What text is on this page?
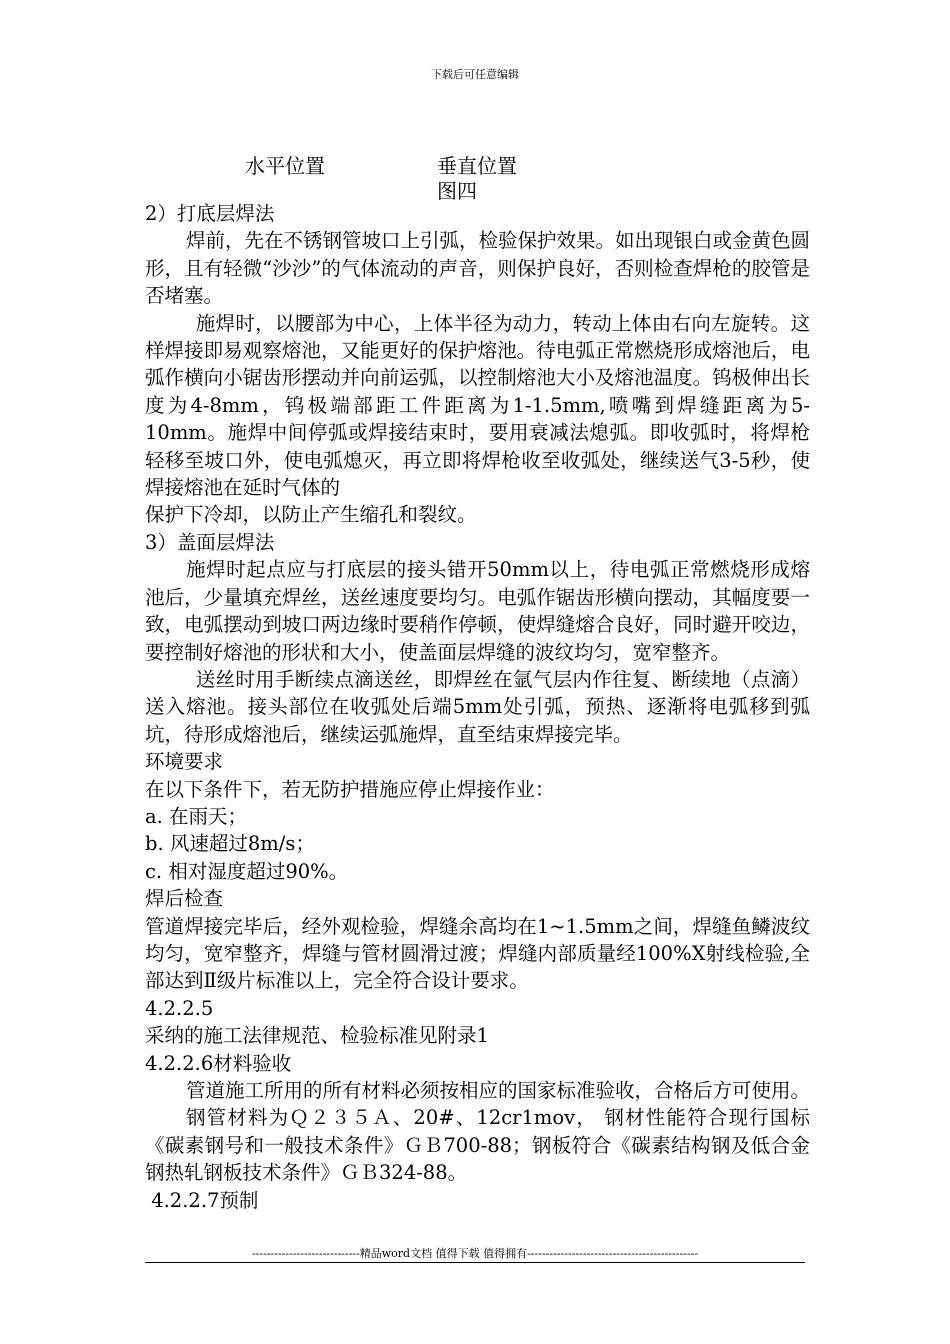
下载后可任意编辑
水平位置	垂直位置
图四

2）打底层焊法

焊前，先在不锈钢管坡口上引弧，检验保护效果。如出现银白或金黄色圆形，且有轻微“沙沙”的气体流动的声音，则保护良好，否则检查焊枪的胶管是否堵塞。

施焊时，以腰部为中心，上体半径为动力，转动上体由右向左旋转。这样焊接即易观察熔池，又能更好的保护熔池。待电弧正常燃烧形成熔池后，电弧作横向小锯齿形摆动并向前运弧，以控制熔池大小及熔池温度。钨极伸出长度为4-8mm，钨极端部距工件距离为1-1.5mm,喷嘴到焊缝距离为5-10mm。施焊中间停弧或焊接结束时，要用衰减法熄弧。即收弧时，将焊枪轻移至坡口外，使电弧熄灭，再立即将焊枪收至收弧处，继续送气3-5秒，使焊接熔池在延时气体的

保护下冷却，以防止产生缩孔和裂纹。

3）盖面层焊法

施焊时起点应与打底层的接头错开50mm以上，待电弧正常燃烧形成熔池后，少量填充焊丝，送丝速度要均匀。电弧作锯齿形横向摆动，其幅度要一致，电弧摆动到坡口两边缘时要稍作停顿，使焊缝熔合良好，同时避开咬边，要控制好熔池的形状和大小，使盖面层焊缝的波纹均匀，宽窄整齐。

送丝时用手断续点滴送丝，即焊丝在氩气层内作往复、断续地（点滴）送入熔池。接头部位在收弧处后端5mm处引弧，预热、逐渐将电弧移到弧坑，待形成熔池后，继续运弧施焊，直至结束焊接完毕。

环境要求

在以下条件下，若无防护措施应停止焊接作业：

a. 在雨天；

b. 风速超过8m/s；

c. 相对湿度超过90%。

焊后检查

管道焊接完毕后，经外观检验，焊缝余高均在1~1.5mm之间，焊缝鱼鳞波纹均匀，宽窄整齐，焊缝与管材圆滑过渡；焊缝内部质量经100%X射线检验,全部达到Ⅱ级片标准以上，完全符合设计要求。

4.2.2.5

采纳的施工法律规范、检验标准见附录1

4.2.2.6材料验收

管道施工所用的所有材料必须按相应的国家标准验收，合格后方可使用。

钢管材料为Ｑ２３５Ａ、20#、12cr1mov， 钢材性能符合现行国标《碳素钢号和一般技术条件》ＧＢ700-88；钢板符合《碳素结构钢及低合金钢热轧钢板技术条件》ＧＢ324-88。

4.2.2.7预制

-----------------------------精品word文档 值得下载 值得拥有----------------------------------------------
